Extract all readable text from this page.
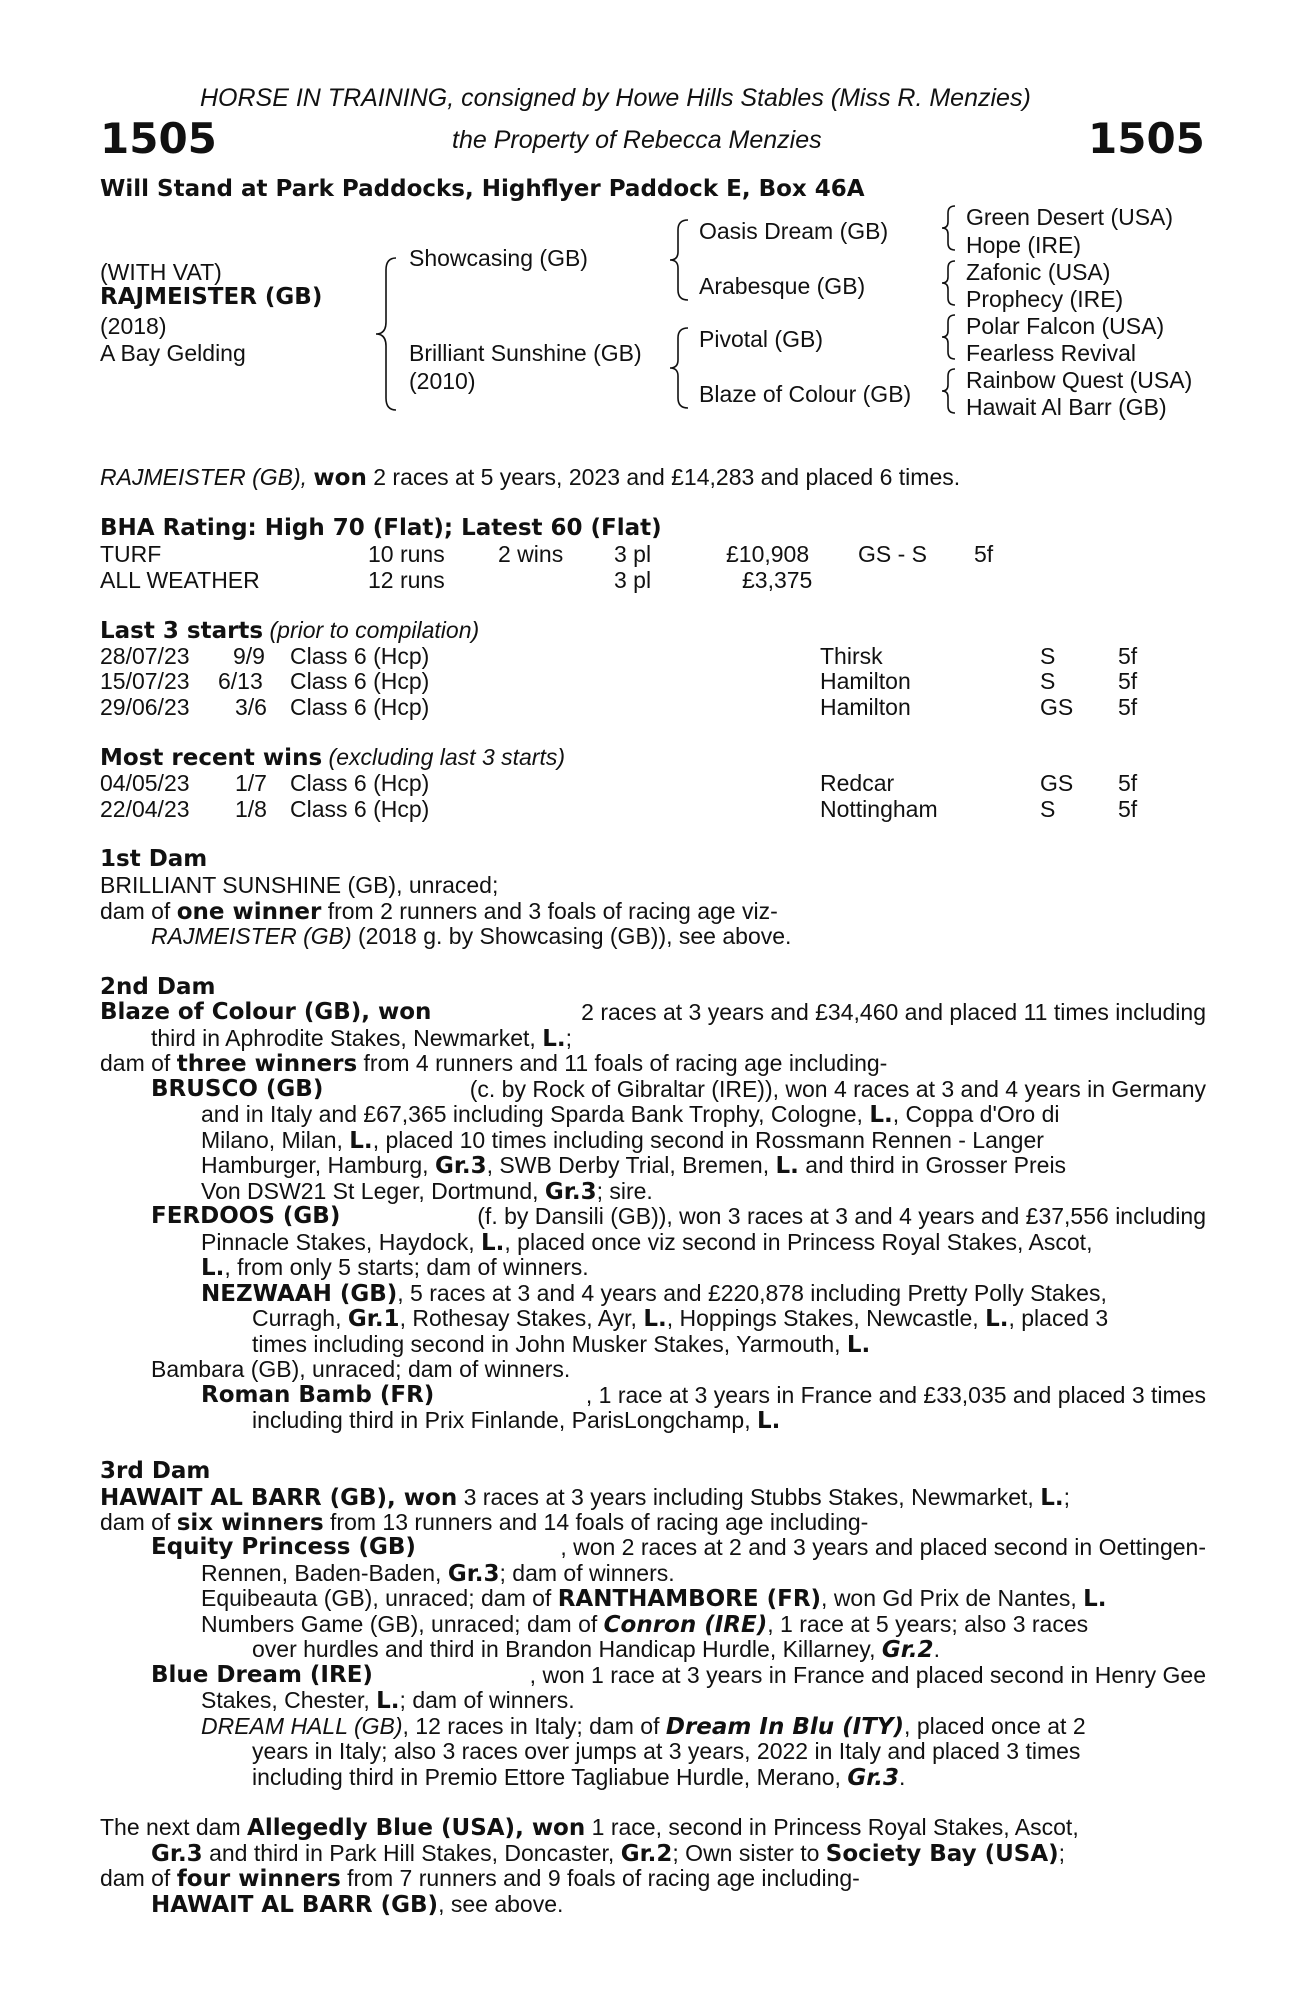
HORSE IN TRAINING, consigned by Howe Hills Stables (Miss R. Menzies)
1505	the Property of Rebecca Menzies	1505
Will Stand at Park Paddocks, Highflyer Paddock E, Box 46A
(WITH VAT)
RAJMEISTER (GB)
(2018)
A Bay Gelding
Showcasing (GB)
Brilliant Sunshine (GB)
(2010)
Oasis Dream (GB)
Arabesque (GB)
Pivotal (GB)
Blaze of Colour (GB)
Green Desert (USA)
Hope (IRE)
Zafonic (USA)
Prophecy (IRE)
Polar Falcon (USA)
Fearless Revival
Rainbow Quest (USA)
Hawait Al Barr (GB)
RAJMEISTER (GB), won 2 races at 5 years, 2023 and £14,283 and placed 6 times.
BHA Rating: High 70 (Flat); Latest 60 (Flat)
TURF	10 runs 2 wins 3 pl	£10,908 GS - S 5f
ALL WEATHER	12 runs	3 pl	£3,375
Last 3 starts (prior to compilation)
28/07/23 9/9 Class 6 (Hcp)	Thirsk	S	5f
15/07/23 6/13 Class 6 (Hcp)	Hamilton	S	5f
29/06/23 3/6 Class 6 (Hcp)	Hamilton	GS 5f
Most recent wins (excluding last 3 starts)
04/05/23 1/7 Class 6 (Hcp)	Redcar	GS 5f
22/04/23 1/8 Class 6 (Hcp)	Nottingham	S	5f
1st Dam
BRILLIANT SUNSHINE (GB), unraced;
dam of one winner from 2 runners and 3 foals of racing age viz-
RAJMEISTER (GB) (2018 g. by Showcasing (GB)), see above.
2nd Dam
Blaze of Colour (GB), won	2 races at 3 years and £34,460 and placed 11 times including
third in Aphrodite Stakes, Newmarket, L.;
dam of three winners from 4 runners and 11 foals of racing age including-
BRUSCO (GB)	(c. by Rock of Gibraltar (IRE)), won 4 races at 3 and 4 years in Germany
and in Italy and £67,365 including Sparda Bank Trophy, Cologne, L., Coppa d'Oro di
Milano, Milan, L., placed 10 times including second in Rossmann Rennen - Langer
Hamburger, Hamburg, Gr.3, SWB Derby Trial, Bremen, L. and third in Grosser Preis
Von DSW21 St Leger, Dortmund, Gr.3; sire.
FERDOOS (GB)	(f. by Dansili (GB)), won 3 races at 3 and 4 years and £37,556 including
Pinnacle Stakes, Haydock, L., placed once viz second in Princess Royal Stakes, Ascot,
L., from only 5 starts; dam of winners.
NEZWAAH (GB), 5 races at 3 and 4 years and £220,878 including Pretty Polly Stakes,
Curragh, Gr.1, Rothesay Stakes, Ayr, L., Hoppings Stakes, Newcastle, L., placed 3
times including second in John Musker Stakes, Yarmouth, L.
Bambara (GB), unraced; dam of winners.
Roman Bamb (FR)	, 1 race at 3 years in France and £33,035 and placed 3 times
including third in Prix Finlande, ParisLongchamp, L.
3rd Dam
HAWAIT AL BARR (GB), won 3 races at 3 years including Stubbs Stakes, Newmarket, L.;
dam of six winners from 13 runners and 14 foals of racing age including-
Equity Princess (GB)	, won 2 races at 2 and 3 years and placed second in Oettingen-
Rennen, Baden-Baden, Gr.3; dam of winners.
Equibeauta (GB), unraced; dam of RANTHAMBORE (FR), won Gd Prix de Nantes, L.
Numbers Game (GB), unraced; dam of Conron (IRE), 1 race at 5 years; also 3 races
over hurdles and third in Brandon Handicap Hurdle, Killarney, Gr.2.
Blue Dream (IRE)	, won 1 race at 3 years in France and placed second in Henry Gee
Stakes, Chester, L.; dam of winners.
DREAM HALL (GB), 12 races in Italy; dam of Dream In Blu (ITY), placed once at 2
years in Italy; also 3 races over jumps at 3 years, 2022 in Italy and placed 3 times
including third in Premio Ettore Tagliabue Hurdle, Merano, Gr.3.
The next dam Allegedly Blue (USA), won 1 race, second in Princess Royal Stakes, Ascot,
Gr.3 and third in Park Hill Stakes, Doncaster, Gr.2; Own sister to Society Bay (USA);
dam of four winners from 7 runners and 9 foals of racing age including-
HAWAIT AL BARR (GB), see above.
